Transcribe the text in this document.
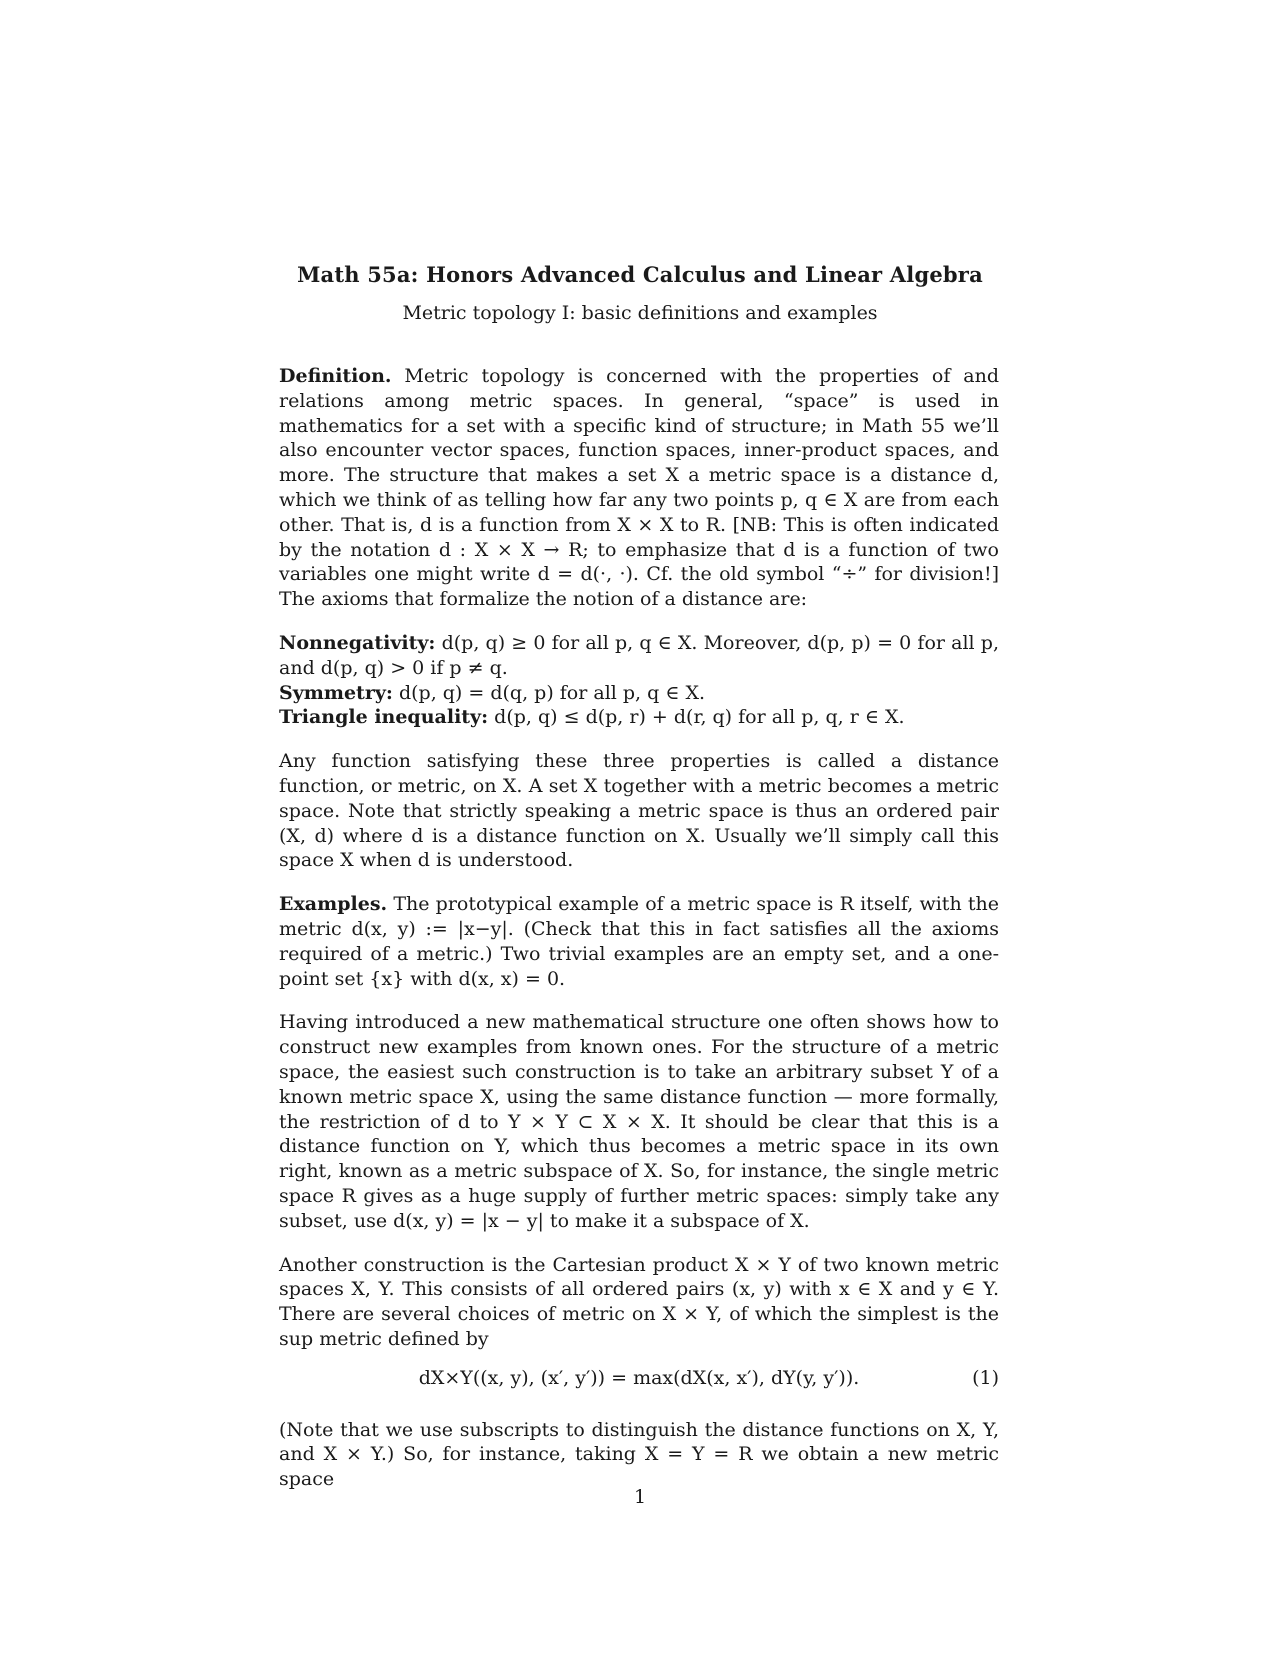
Math 55a: Honors Advanced Calculus and Linear Algebra
Metric topology I: basic definitions and examples

Definition. Metric topology is concerned with the properties of and relations among metric spaces. In general, “space” is used in mathematics for a set with a specific kind of structure; in Math 55 we’ll also encounter vector spaces, function spaces, inner-product spaces, and more. The structure that makes a set X a metric space is a distance d, which we think of as telling how far any two points p, q ∈ X are from each other. That is, d is a function from X × X to R. [NB: This is often indicated by the notation d : X × X → R; to emphasize that d is a function of two variables one might write d = d(·, ·). Cf. the old symbol “÷” for division!] The axioms that formalize the notion of a distance are:

Nonnegativity: d(p, q) ≥ 0 for all p, q ∈ X. Moreover, d(p, p) = 0 for all p, and d(p, q) > 0 if p ≠ q.
Symmetry: d(p, q) = d(q, p) for all p, q ∈ X.
Triangle inequality: d(p, q) ≤ d(p, r) + d(r, q) for all p, q, r ∈ X.

Any function satisfying these three properties is called a distance function, or metric, on X. A set X together with a metric becomes a metric space. Note that strictly speaking a metric space is thus an ordered pair (X, d) where d is a distance function on X. Usually we’ll simply call this space X when d is understood.

Examples. The prototypical example of a metric space is R itself, with the metric d(x, y) := |x−y|. (Check that this in fact satisfies all the axioms required of a metric.) Two trivial examples are an empty set, and a one-point set {x} with d(x, x) = 0.

Having introduced a new mathematical structure one often shows how to construct new examples from known ones. For the structure of a metric space, the easiest such construction is to take an arbitrary subset Y of a known metric space X, using the same distance function — more formally, the restriction of d to Y × Y ⊂ X × X. It should be clear that this is a distance function on Y, which thus becomes a metric space in its own right, known as a metric subspace of X. So, for instance, the single metric space R gives as a huge supply of further metric spaces: simply take any subset, use d(x, y) = |x − y| to make it a subspace of X.

Another construction is the Cartesian product X × Y of two known metric spaces X, Y. This consists of all ordered pairs (x, y) with x ∈ X and y ∈ Y. There are several choices of metric on X × Y, of which the simplest is the sup metric defined by

dX×Y((x, y), (x′, y′)) = max(dX(x, x′), dY(y, y′)).	(1)

(Note that we use subscripts to distinguish the distance functions on X, Y, and X × Y.) So, for instance, taking X = Y = R we obtain a new metric space

1
